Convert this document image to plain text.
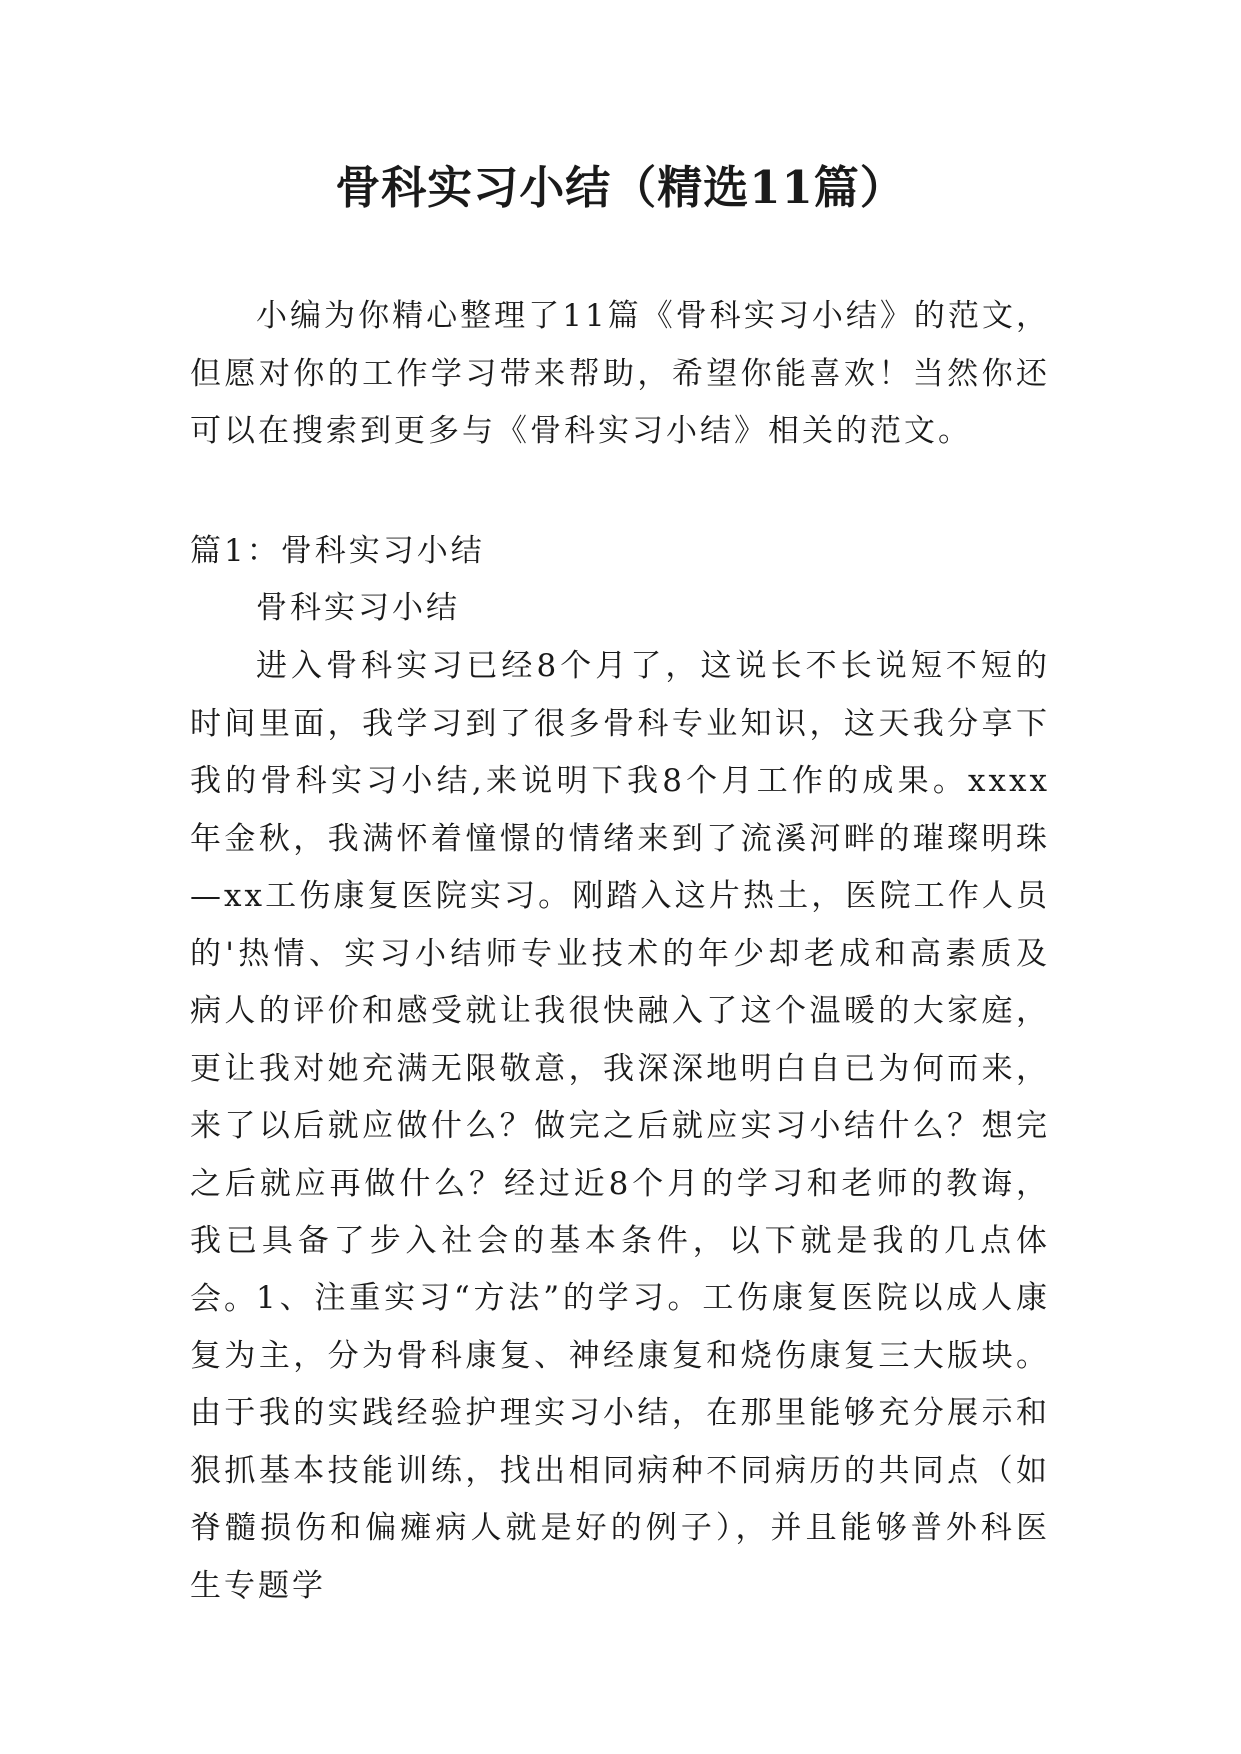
骨科实习小结（精选11篇）

小编为你精心整理了11篇《骨科实习小结》的范文，但愿对你的工作学习带来帮助，希望你能喜欢！当然你还可以在搜索到更多与《骨科实习小结》相关的范文。

篇1：骨科实习小结

骨科实习小结

进入骨科实习已经8个月了，这说长不长说短不短的时间里面，我学习到了很多骨科专业知识，这天我分享下我的骨科实习小结,来说明下我8个月工作的成果。xxxx年金秋，我满怀着憧憬的情绪来到了流溪河畔的璀璨明珠—xx工伤康复医院实习。刚踏入这片热土，医院工作人员的'热情、实习小结师专业技术的年少却老成和高素质及病人的评价和感受就让我很快融入了这个温暖的大家庭，更让我对她充满无限敬意，我深深地明白自已为何而来，来了以后就应做什么？做完之后就应实习小结什么？想完之后就应再做什么？经过近8个月的学习和老师的教诲，我已具备了步入社会的基本条件，以下就是我的几点体会。

1、注重实习“方法”的学习。工伤康复医院以成人康复为主，分为骨科康复、神经康复和烧伤康复三大版块。由于我的实践经验护理实习小结，在那里能够充分展示和狠抓基本技能训练，找出相同病种不同病历的共同点（如脊髓损伤和偏瘫病人就是好的例子），并且能够普外科医生专题学
